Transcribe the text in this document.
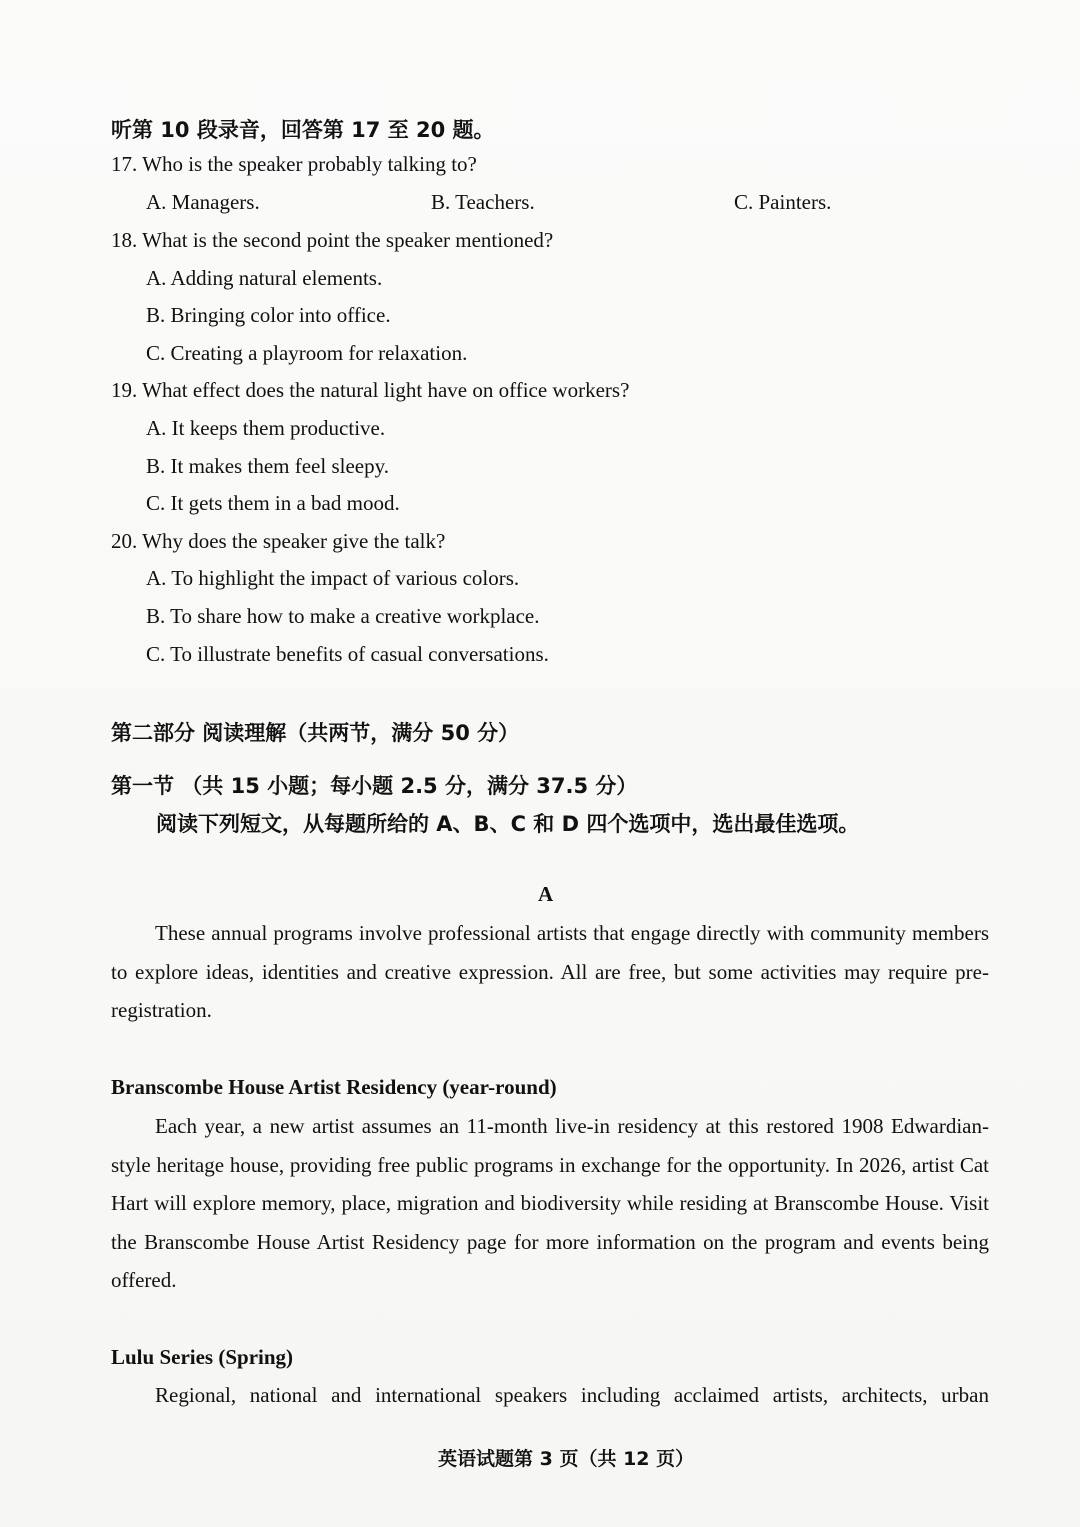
听第 10 段录音，回答第 17 至 20 题。
17. Who is the speaker probably talking to?
A. Managers.	B. Teachers.	C. Painters.
18. What is the second point the speaker mentioned?
A. Adding natural elements.
B. Bringing color into office.
C. Creating a playroom for relaxation.
19. What effect does the natural light have on office workers?
A. It keeps them productive.
B. It makes them feel sleepy.
C. It gets them in a bad mood.
20. Why does the speaker give the talk?
A. To highlight the impact of various colors.
B. To share how to make a creative workplace.
C. To illustrate benefits of casual conversations.
第二部分 阅读理解（共两节，满分 50 分）
第一节 （共 15 小题；每小题 2.5 分，满分 37.5 分）
阅读下列短文，从每题所给的 A、B、C 和 D 四个选项中，选出最佳选项。
A
These annual programs involve professional artists that engage directly with community members to explore ideas, identities and creative expression. All are free, but some activities may require pre-registration.
Branscombe House Artist Residency (year-round)
Each year, a new artist assumes an 11-month live-in residency at this restored 1908 Edwardian-style heritage house, providing free public programs in exchange for the opportunity. In 2026, artist Cat Hart will explore memory, place, migration and biodiversity while residing at Branscombe House. Visit the Branscombe House Artist Residency page for more information on the program and events being offered.
Lulu Series (Spring)
Regional, national and international speakers including acclaimed artists, architects, urban
英语试题第 3 页（共 12 页）
